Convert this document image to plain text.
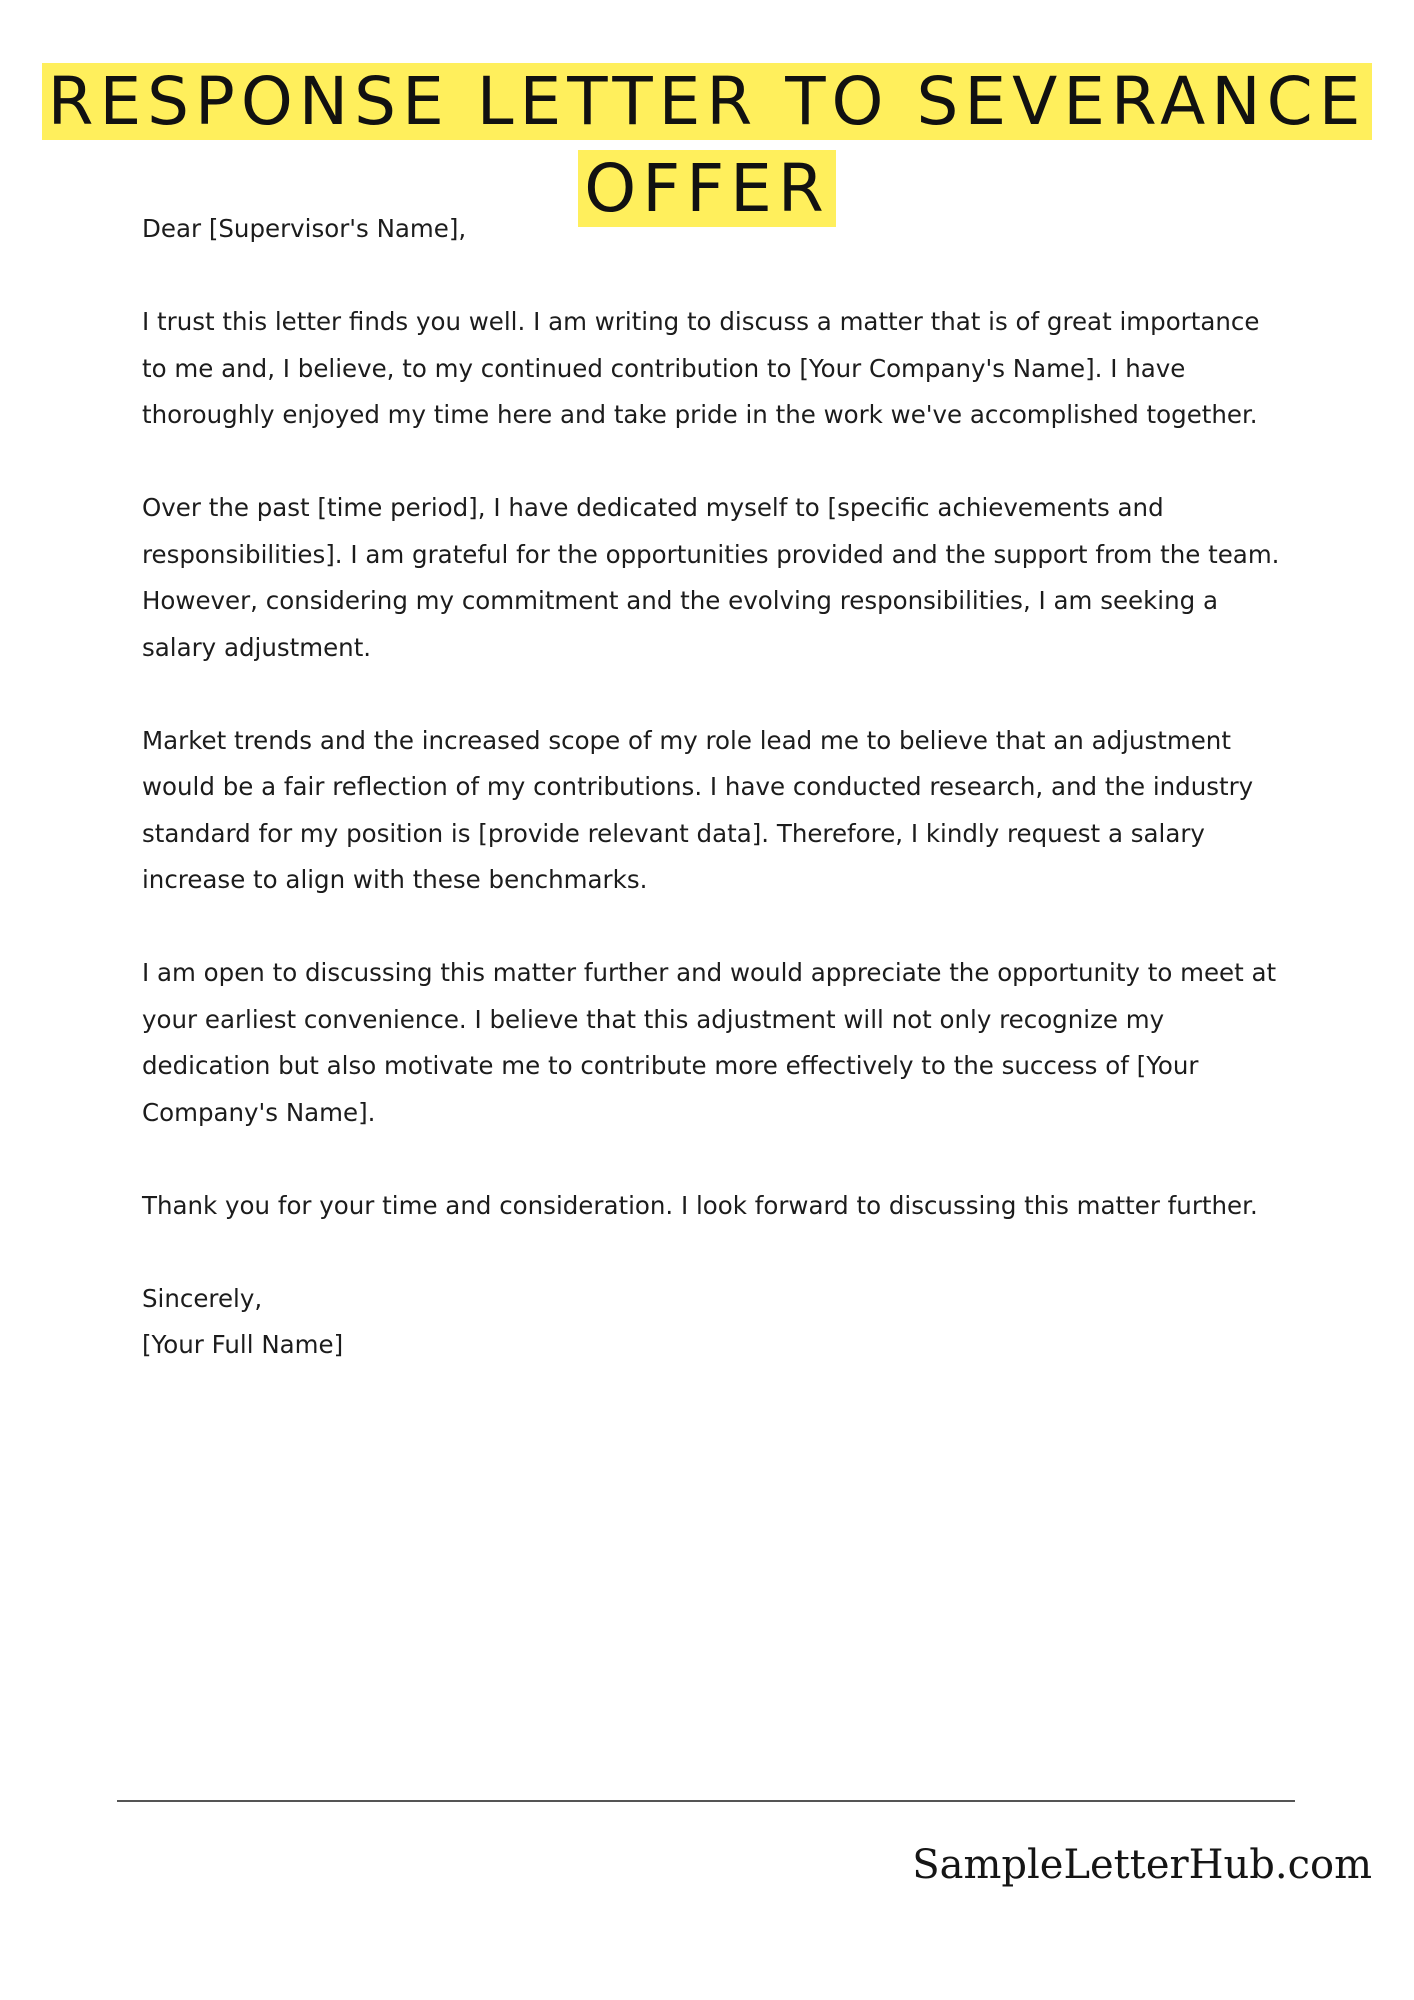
RESPONSE LETTER TO SEVERANCE OFFER

Dear [Supervisor's Name],

I trust this letter finds you well. I am writing to discuss a matter that is of great importance to me and, I believe, to my continued contribution to [Your Company's Name]. I have thoroughly enjoyed my time here and take pride in the work we've accomplished together.

Over the past [time period], I have dedicated myself to [specific achievements and responsibilities]. I am grateful for the opportunities provided and the support from the team. However, considering my commitment and the evolving responsibilities, I am seeking a salary adjustment.

Market trends and the increased scope of my role lead me to believe that an adjustment would be a fair reflection of my contributions. I have conducted research, and the industry standard for my position is [provide relevant data]. Therefore, I kindly request a salary increase to align with these benchmarks.

I am open to discussing this matter further and would appreciate the opportunity to meet at your earliest convenience. I believe that this adjustment will not only recognize my dedication but also motivate me to contribute more effectively to the success of [Your Company's Name].

Thank you for your time and consideration. I look forward to discussing this matter further.

Sincerely,

[Your Full Name]

SampleLetterHub.com
